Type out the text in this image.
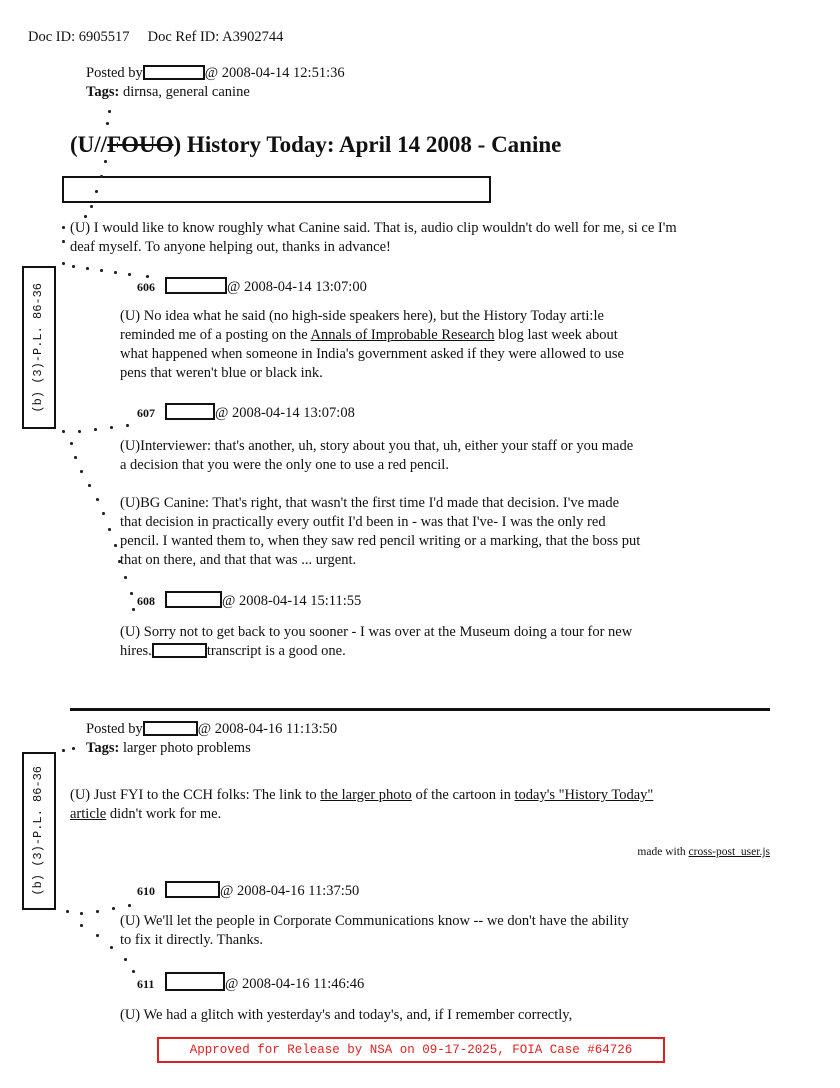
Doc ID: 6905517 Doc Ref ID: A3902744
Posted by	@ 2008-04-14 12:51:36
Tags: dirnsa, general canine
(U//FOUO) History Today: April 14 2008 - Canine
(U) I would like to know roughly what Canine said. That is, audio clip wouldn't do well for me, si ce I'm
deaf myself. To anyone helping out, thanks in advance!
606	@ 2008-04-14 13:07:00
(U) No idea what he said (no high-side speakers here), but the History Today arti:le
reminded me of a posting on the Annals of Improbable Research blog last week about
what happened when someone in India's government asked if they were allowed to use
pens that weren't blue or black ink.
607	@ 2008-04-14 13:07:08
(U)Interviewer: that's another, uh, story about you that, uh, either your staff or you made
a decision that you were the only one to use a red pencil.
(U)BG Canine: That's right, that wasn't the first time I'd made that decision. I've made
that decision in practically every outfit I'd been in - was that I've- I was the only red
pencil. I wanted them to, when they saw red pencil writing or a marking, that the boss put
that on there, and that that was ... urgent.
608	@ 2008-04-14 15:11:55
(U) Sorry not to get back to you sooner - I was over at the Museum doing a tour for new
hires.	transcript is a good one.
Posted by	@ 2008-04-16 11:13:50
Tags: larger photo problems
(U) Just FYI to the CCH folks: The link to the larger photo of the cartoon in today's "History Today"
article didn't work for me.
made with cross-post_user.js
610	@ 2008-04-16 11:37:50
(U) We'll let the people in Corporate Communications know -- we don't have the ability
to fix it directly. Thanks.
611	@ 2008-04-16 11:46:46
(U) We had a glitch with yesterday's and today's, and, if I remember correctly,
(b) (3)-P.L. 86-36
(b) (3)-P.L. 86-36
Approved for Release by NSA on 09-17-2025, FOIA Case #64726
